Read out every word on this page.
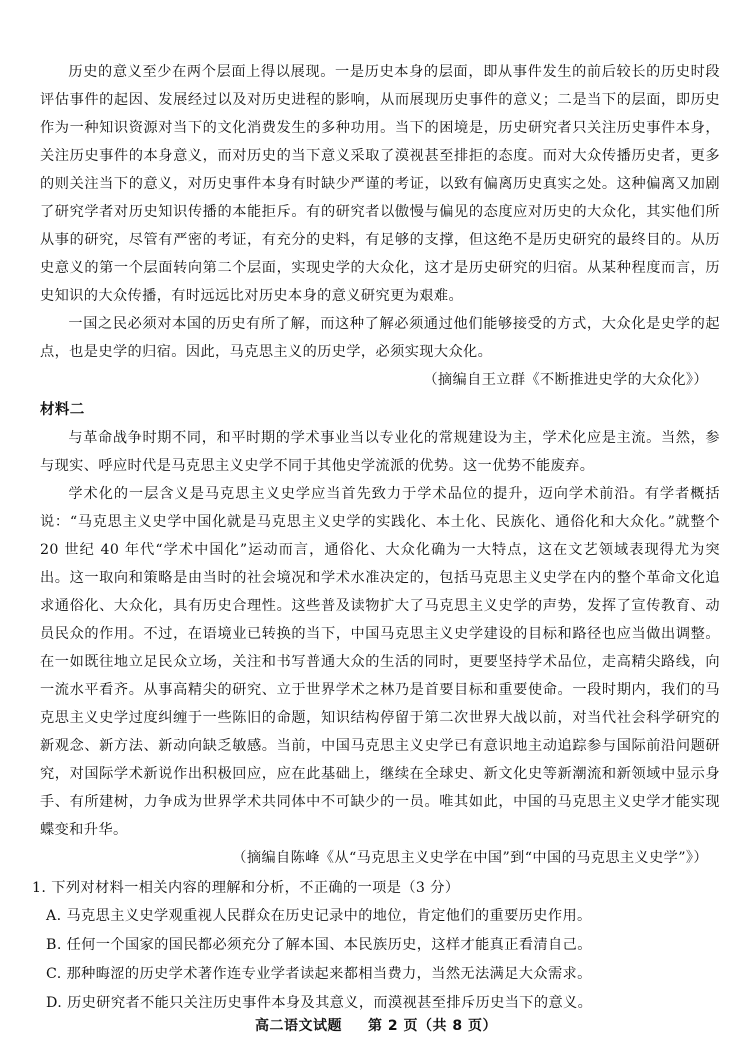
历史的意义至少在两个层面上得以展现。一是历史本身的层面，即从事件发生的前后较长的历史时段评估事件的起因、发展经过以及对历史进程的影响，从而展现历史事件的意义；二是当下的层面，即历史作为一种知识资源对当下的文化消费发生的多种功用。当下的困境是，历史研究者只关注历史事件本身，关注历史事件的本身意义，而对历史的当下意义采取了漠视甚至排拒的态度。而对大众传播历史者，更多的则关注当下的意义，对历史事件本身有时缺少严谨的考证，以致有偏离历史真实之处。这种偏离又加剧了研究学者对历史知识传播的本能拒斥。有的研究者以傲慢与偏见的态度应对历史的大众化，其实他们所从事的研究，尽管有严密的考证，有充分的史料，有足够的支撑，但这绝不是历史研究的最终目的。从历史意义的第一个层面转向第二个层面，实现史学的大众化，这才是历史研究的归宿。从某种程度而言，历史知识的大众传播，有时远远比对历史本身的意义研究更为艰难。

一国之民必须对本国的历史有所了解，而这种了解必须通过他们能够接受的方式，大众化是史学的起点，也是史学的归宿。因此，马克思主义的历史学，必须实现大众化。

（摘编自王立群《不断推进史学的大众化》）

材料二

与革命战争时期不同，和平时期的学术事业当以专业化的常规建设为主，学术化应是主流。当然，参与现实、呼应时代是马克思主义史学不同于其他史学流派的优势。这一优势不能废弃。

学术化的一层含义是马克思主义史学应当首先致力于学术品位的提升，迈向学术前沿。有学者概括说：“马克思主义史学中国化就是马克思主义史学的实践化、本土化、民族化、通俗化和大众化。”就整个 20 世纪 40 年代“学术中国化”运动而言，通俗化、大众化确为一大特点，这在文艺领域表现得尤为突出。这一取向和策略是由当时的社会境况和学术水准决定的，包括马克思主义史学在内的整个革命文化追求通俗化、大众化，具有历史合理性。这些普及读物扩大了马克思主义史学的声势，发挥了宣传教育、动员民众的作用。不过，在语境业已转换的当下，中国马克思主义史学建设的目标和路径也应当做出调整。在一如既往地立足民众立场，关注和书写普通大众的生活的同时，更要坚持学术品位，走高精尖路线，向一流水平看齐。从事高精尖的研究、立于世界学术之林乃是首要目标和重要使命。一段时期内，我们的马克思主义史学过度纠缠于一些陈旧的命题，知识结构停留于第二次世界大战以前，对当代社会科学研究的新观念、新方法、新动向缺乏敏感。当前，中国马克思主义史学已有意识地主动追踪参与国际前沿问题研究，对国际学术新说作出积极回应，应在此基础上，继续在全球史、新文化史等新潮流和新领域中显示身手、有所建树，力争成为世界学术共同体中不可缺少的一员。唯其如此，中国的马克思主义史学才能实现蝶变和升华。

（摘编自陈峰《从“马克思主义史学在中国”到“中国的马克思主义史学”》）

1. 下列对材料一相关内容的理解和分析，不正确的一项是（3 分）

A. 马克思主义史学观重视人民群众在历史记录中的地位，肯定他们的重要历史作用。

B. 任何一个国家的国民都必须充分了解本国、本民族历史，这样才能真正看清自己。

C. 那种晦涩的历史学术著作连专业学者读起来都相当费力，当然无法满足大众需求。

D. 历史研究者不能只关注历史事件本身及其意义，而漠视甚至排斥历史当下的意义。

高二语文试题 第 2 页（共 8 页）
